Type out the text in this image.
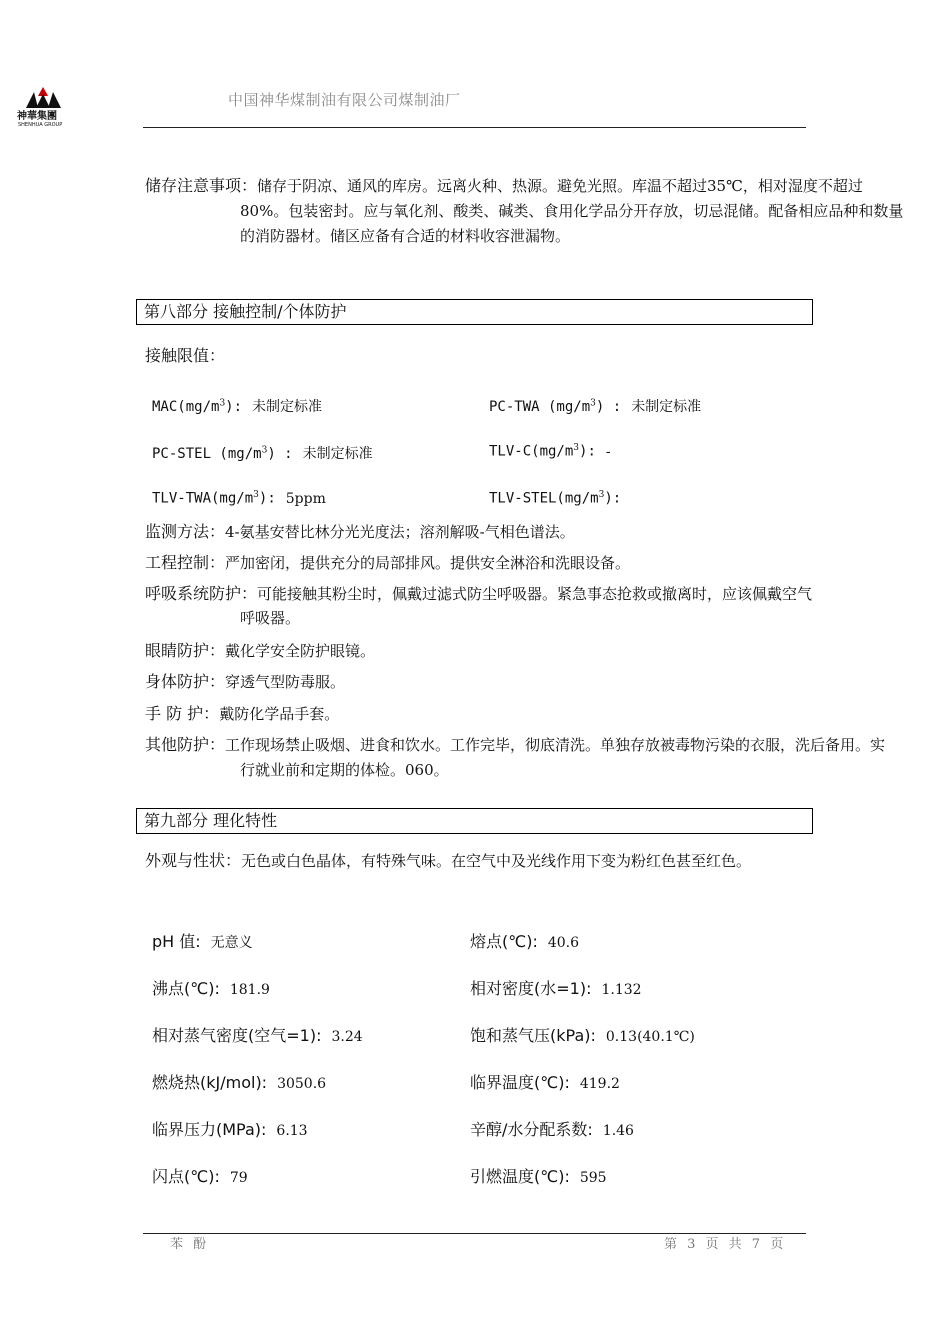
神華集團
SHENHUA GROUP
中国神华煤制油有限公司煤制油厂
储存注意事项：储存于阴凉、通风的库房。远离火种、热源。避免光照。库温不超过35℃，相对湿度不超过80%。包装密封。应与氧化剂、酸类、碱类、食用化学品分开存放，切忌混储。配备相应品种和数量的消防器材。储区应备有合适的材料收容泄漏物。
第八部分 接触控制/个体防护
接触限值：
$MAC(mg/m^3)$: 未制定标准	PC-TWA $(mg/m^3)$ : 未制定标准
PC-STEL $(mg/m^3)$ : 未制定标准	TLV-$C(mg/m^3)$: -
TLV-$TWA(mg/m^3)$: 5ppm	TLV-$STEL(mg/m^3)$:
监测方法：4-氨基安替比林分光光度法；溶剂解吸-气相色谱法。
工程控制：严加密闭，提供充分的局部排风。提供安全淋浴和洗眼设备。
呼吸系统防护：可能接触其粉尘时，佩戴过滤式防尘呼吸器。紧急事态抢救或撤离时，应该佩戴空气呼吸器。
眼睛防护：戴化学安全防护眼镜。
身体防护：穿透气型防毒服。
手 防 护：戴防化学品手套。
其他防护：工作现场禁止吸烟、进食和饮水。工作完毕，彻底清洗。单独存放被毒物污染的衣服，洗后备用。实行就业前和定期的体检。060。
第九部分 理化特性
外观与性状：无色或白色晶体，有特殊气味。在空气中及光线作用下变为粉红色甚至红色。
pH 值: 无意义	熔点(℃): 40.6
沸点(℃): 181.9	相对密度(水=1): 1.132
相对蒸气密度(空气=1): 3.24	饱和蒸气压(kPa): 0.13(40.1℃)
燃烧热(kJ/mol): 3050.6	临界温度(℃): 419.2
临界压力(MPa): 6.13	辛醇/水分配系数: 1.46
闪点(℃): 79	引燃温度(℃): 595
苯 酚	第 3 页 共 7 页
